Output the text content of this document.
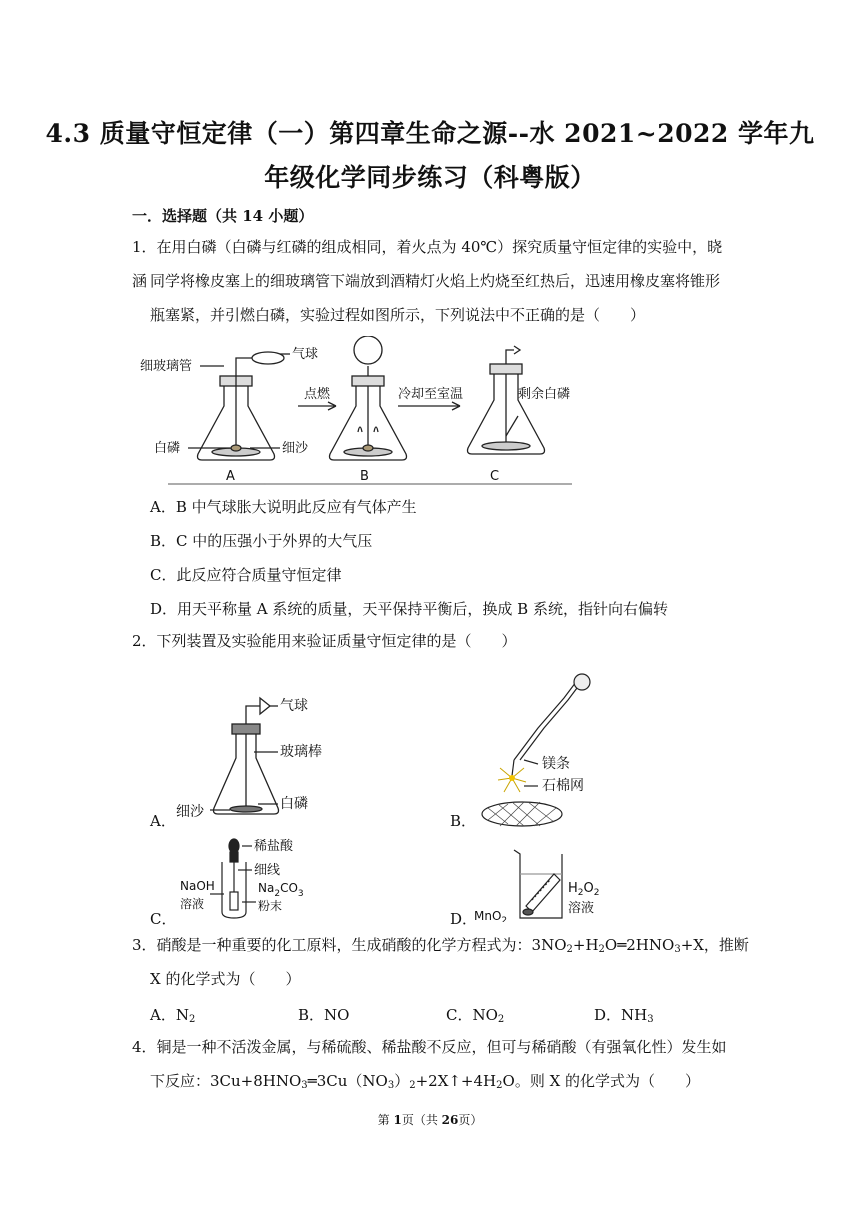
4.3 质量守恒定律（一）第四章生命之源--水 2021~2022 学年九
年级化学同步练习（科粤版）
一．选择题（共 14 小题）
1．在用白磷（白磷与红磷的组成相同，着火点为 40℃）探究质量守恒定律的实验中，晓涵 同学将橡皮塞上的细玻璃管下端放到酒精灯火焰上灼烧至红热后，迅速用橡皮塞将锥形
瓶塞紧，并引燃白磷，实验过程如图所示，下列说法中不正确的是（　　）
细玻璃管
气球
点燃	冷却至室温	剩余白磷
白磷	细沙
A	B	C
A．B 中气球胀大说明此反应有气体产生
B．C 中的压强小于外界的大气压
C．此反应符合质量守恒定律
D．用天平称量 A 系统的质量，天平保持平衡后，换成 B 系统，指针向右偏转
2．下列装置及实验能用来验证质量守恒定律的是（　　）
A．
气球
玻璃棒
细沙	白磷
B．
镁条
石棉网
C．
稀盐酸
细线
NaOH
溶液
$Na_2CO_3$
粉末
D．
MnO$_2$
$H_2O_2$
溶液
3．硝酸是一种重要的化工原料，生成硝酸的化学方程式为：$3NO_2+H_2O═2HNO_3+X$，推断
X 的化学式为（　　）
A．$N_2$	B．NO	C．$NO_2$	D．$NH_3$
4．铜是一种不活泼金属，与稀硫酸、稀盐酸不反应，但可与稀硝酸（有强氧化性）发生如
下反应：$3Cu+8HNO_3═3Cu(NO_3)_2+2X↑+4H_2O$。则 X 的化学式为（　　）
第 1页（共 26页）
